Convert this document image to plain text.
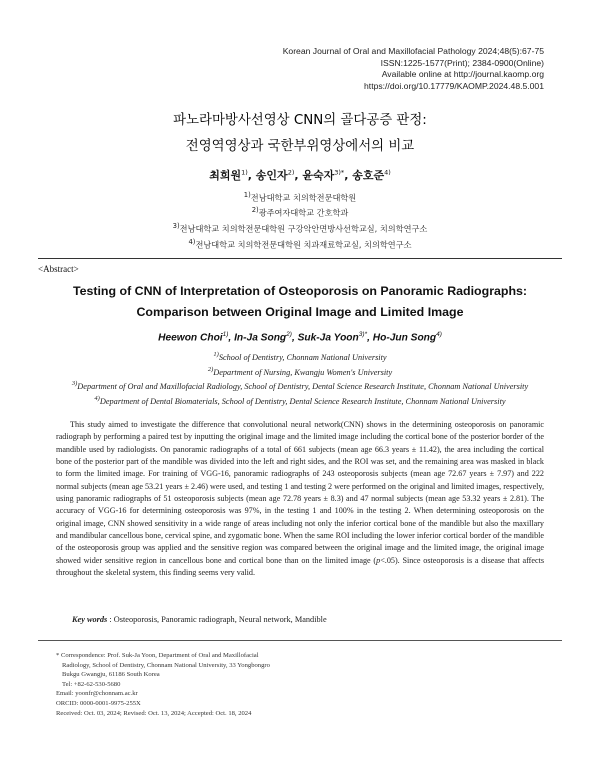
Korean Journal of Oral and Maxillofacial Pathology 2024;48(5):67-75
ISSN:1225-1577(Print); 2384-0900(Online)
Available online at http://journal.kaomp.org
https://doi.org/10.17779/KAOMP.2024.48.5.001
파노라마방사선영상 CNN의 골다공증 판정:
전영역영상과 국한부위영상에서의 비교
최희원$^{1)}$, 송인자$^{2)}$, 윤숙자$^{3)*}$, 송호준$^{4)}$
$^{1)}$전남대학교 치의학전문대학원
$^{2)}$광주여자대학교 간호학과
$^{3)}$전남대학교 치의학전문대학원 구강악안면방사선학교실, 치의학연구소
$^{4)}$전남대학교 치의학전문대학원 치과재료학교실, 치의학연구소
<Abstract>
Testing of CNN of Interpretation of Osteoporosis on Panoramic Radiographs:
Comparison between Original Image and Limited Image
Heewon Choi$^{1)}$, In-Ja Song$^{2)}$, Suk-Ja Yoon$^{3)*}$, Ho-Jun Song$^{4)}$
$^{1)}$School of Dentistry, Chonnam National University
$^{2)}$Department of Nursing, Kwangju Women's University
$^{3)}$Department of Oral and Maxillofacial Radiology, School of Dentistry, Dental Science Research Institute, Chonnam National University
$^{4)}$Department of Dental Biomaterials, School of Dentistry, Dental Science Research Institute, Chonnam National University
This study aimed to investigate the difference that convolutional neural network(CNN) shows in the determining osteoporosis on panoramic radiograph by performing a paired test by inputting the original image and the limited image including the cortical bone of the posterior border of the mandible used by radiologists. On panoramic radiographs of a total of 661 subjects (mean age 66.3 years ± 11.42), the area including the cortical bone of the posterior part of the mandible was divided into the left and right sides, and the ROI was set, and the remaining area was masked in black to form the limited image. For training of VGG-16, panoramic radiographs of 243 osteoporosis subjects (mean age 72.67 years ± 7.97) and 222 normal subjects (mean age 53.21 years ± 2.46) were used, and testing 1 and testing 2 were performed on the original and limited images, respectively, using panoramic radiographs of 51 osteoporosis subjects (mean age 72.78 years ± 8.3) and 47 normal subjects (mean age 53.32 years ± 2.81). The accuracy of VGG-16 for determining osteoporosis was 97%, in the testing 1 and 100% in the testing 2. When determining osteoporosis on the original image, CNN showed sensitivity in a wide range of areas including not only the inferior cortical bone of the mandible but also the maxillary and mandibular cancellous bone, cervical spine, and zygomatic bone. When the same ROI including the lower inferior cortical border of the mandible of the osteoporosis group was applied and the sensitive region was compared between the original image and the limited image, the original image showed wider sensitive region in cancellous bone and cortical bone than on the limited image (p<.05). Since osteoporosis is a disease that affects throughout the skeletal system, this finding seems very valid.
Key words : Osteoporosis, Panoramic radiograph, Neural network, Mandible
* Correspondence: Prof. Suk-Ja Yoon, Department of Oral and Maxillofacial
Radiology, School of Dentistry, Chonnam National University, 33 Yongbongro
Bukgu Gwangju, 61186 South Korea
Tel: +82-62-530-5680
Email: yoonfr@chonnam.ac.kr
ORCID: 0000-0001-9975-255X
Received: Oct. 03, 2024; Revised: Oct. 13, 2024; Accepted: Oct. 18, 2024
